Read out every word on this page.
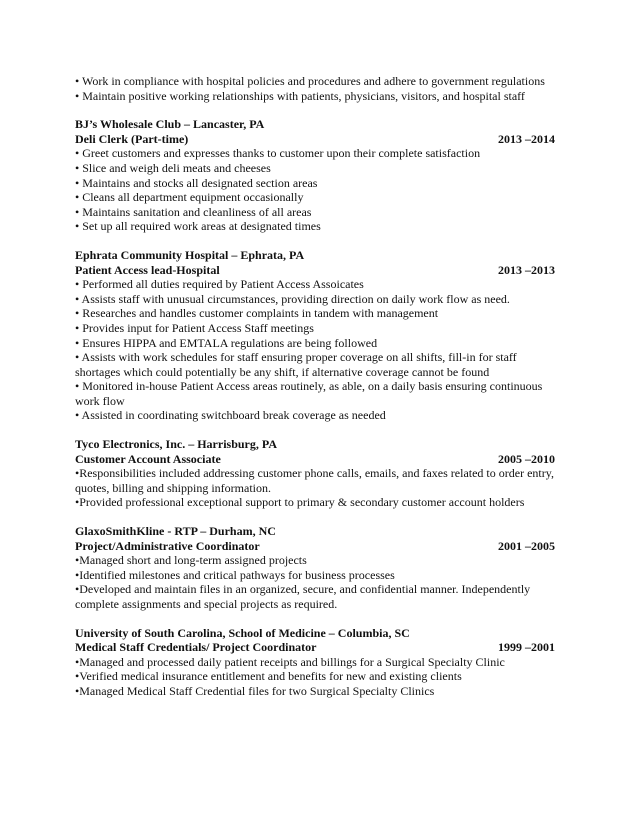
• Work in compliance with hospital policies and procedures and adhere to government regulations

• Maintain positive working relationships with patients, physicians, visitors, and hospital staff

BJ’s Wholesale Club – Lancaster, PA

Deli Clerk (Part-time)	2013 –2014

• Greet customers and expresses thanks to customer upon their complete satisfaction

• Slice and weigh deli meats and cheeses

• Maintains and stocks all designated section areas

• Cleans all department equipment occasionally

• Maintains sanitation and cleanliness of all areas

• Set up all required work areas at designated times

Ephrata Community Hospital – Ephrata, PA

Patient Access lead-Hospital	2013 –2013

• Performed all duties required by Patient Access Assoicates

• Assists staff with unusual circumstances, providing direction on daily work flow as need.

• Researches and handles customer complaints in tandem with management

• Provides input for Patient Access Staff meetings

• Ensures HIPPA and EMTALA regulations are being followed

• Assists with work schedules for staff ensuring proper coverage on all shifts, fill-in for staff shortages which could potentially be any shift, if alternative coverage cannot be found

• Monitored in-house Patient Access areas routinely, as able, on a daily basis ensuring continuous work flow

• Assisted in coordinating switchboard break coverage as needed

Tyco Electronics, Inc. – Harrisburg, PA

Customer Account Associate	2005 –2010

•Responsibilities included addressing customer phone calls, emails, and faxes related to order entry, quotes, billing and shipping information.

•Provided professional exceptional support to primary & secondary customer account holders

GlaxoSmithKline - RTP – Durham, NC

Project/Administrative Coordinator	2001 –2005

•Managed short and long-term assigned projects

•Identified milestones and critical pathways for business processes

•Developed and maintain files in an organized, secure, and confidential manner. Independently complete assignments and special projects as required.

University of South Carolina, School of Medicine – Columbia, SC

Medical Staff Credentials/ Project Coordinator	1999 –2001

•Managed and processed daily patient receipts and billings for a Surgical Specialty Clinic

•Verified medical insurance entitlement and benefits for new and existing clients

•Managed Medical Staff Credential files for two Surgical Specialty Clinics
